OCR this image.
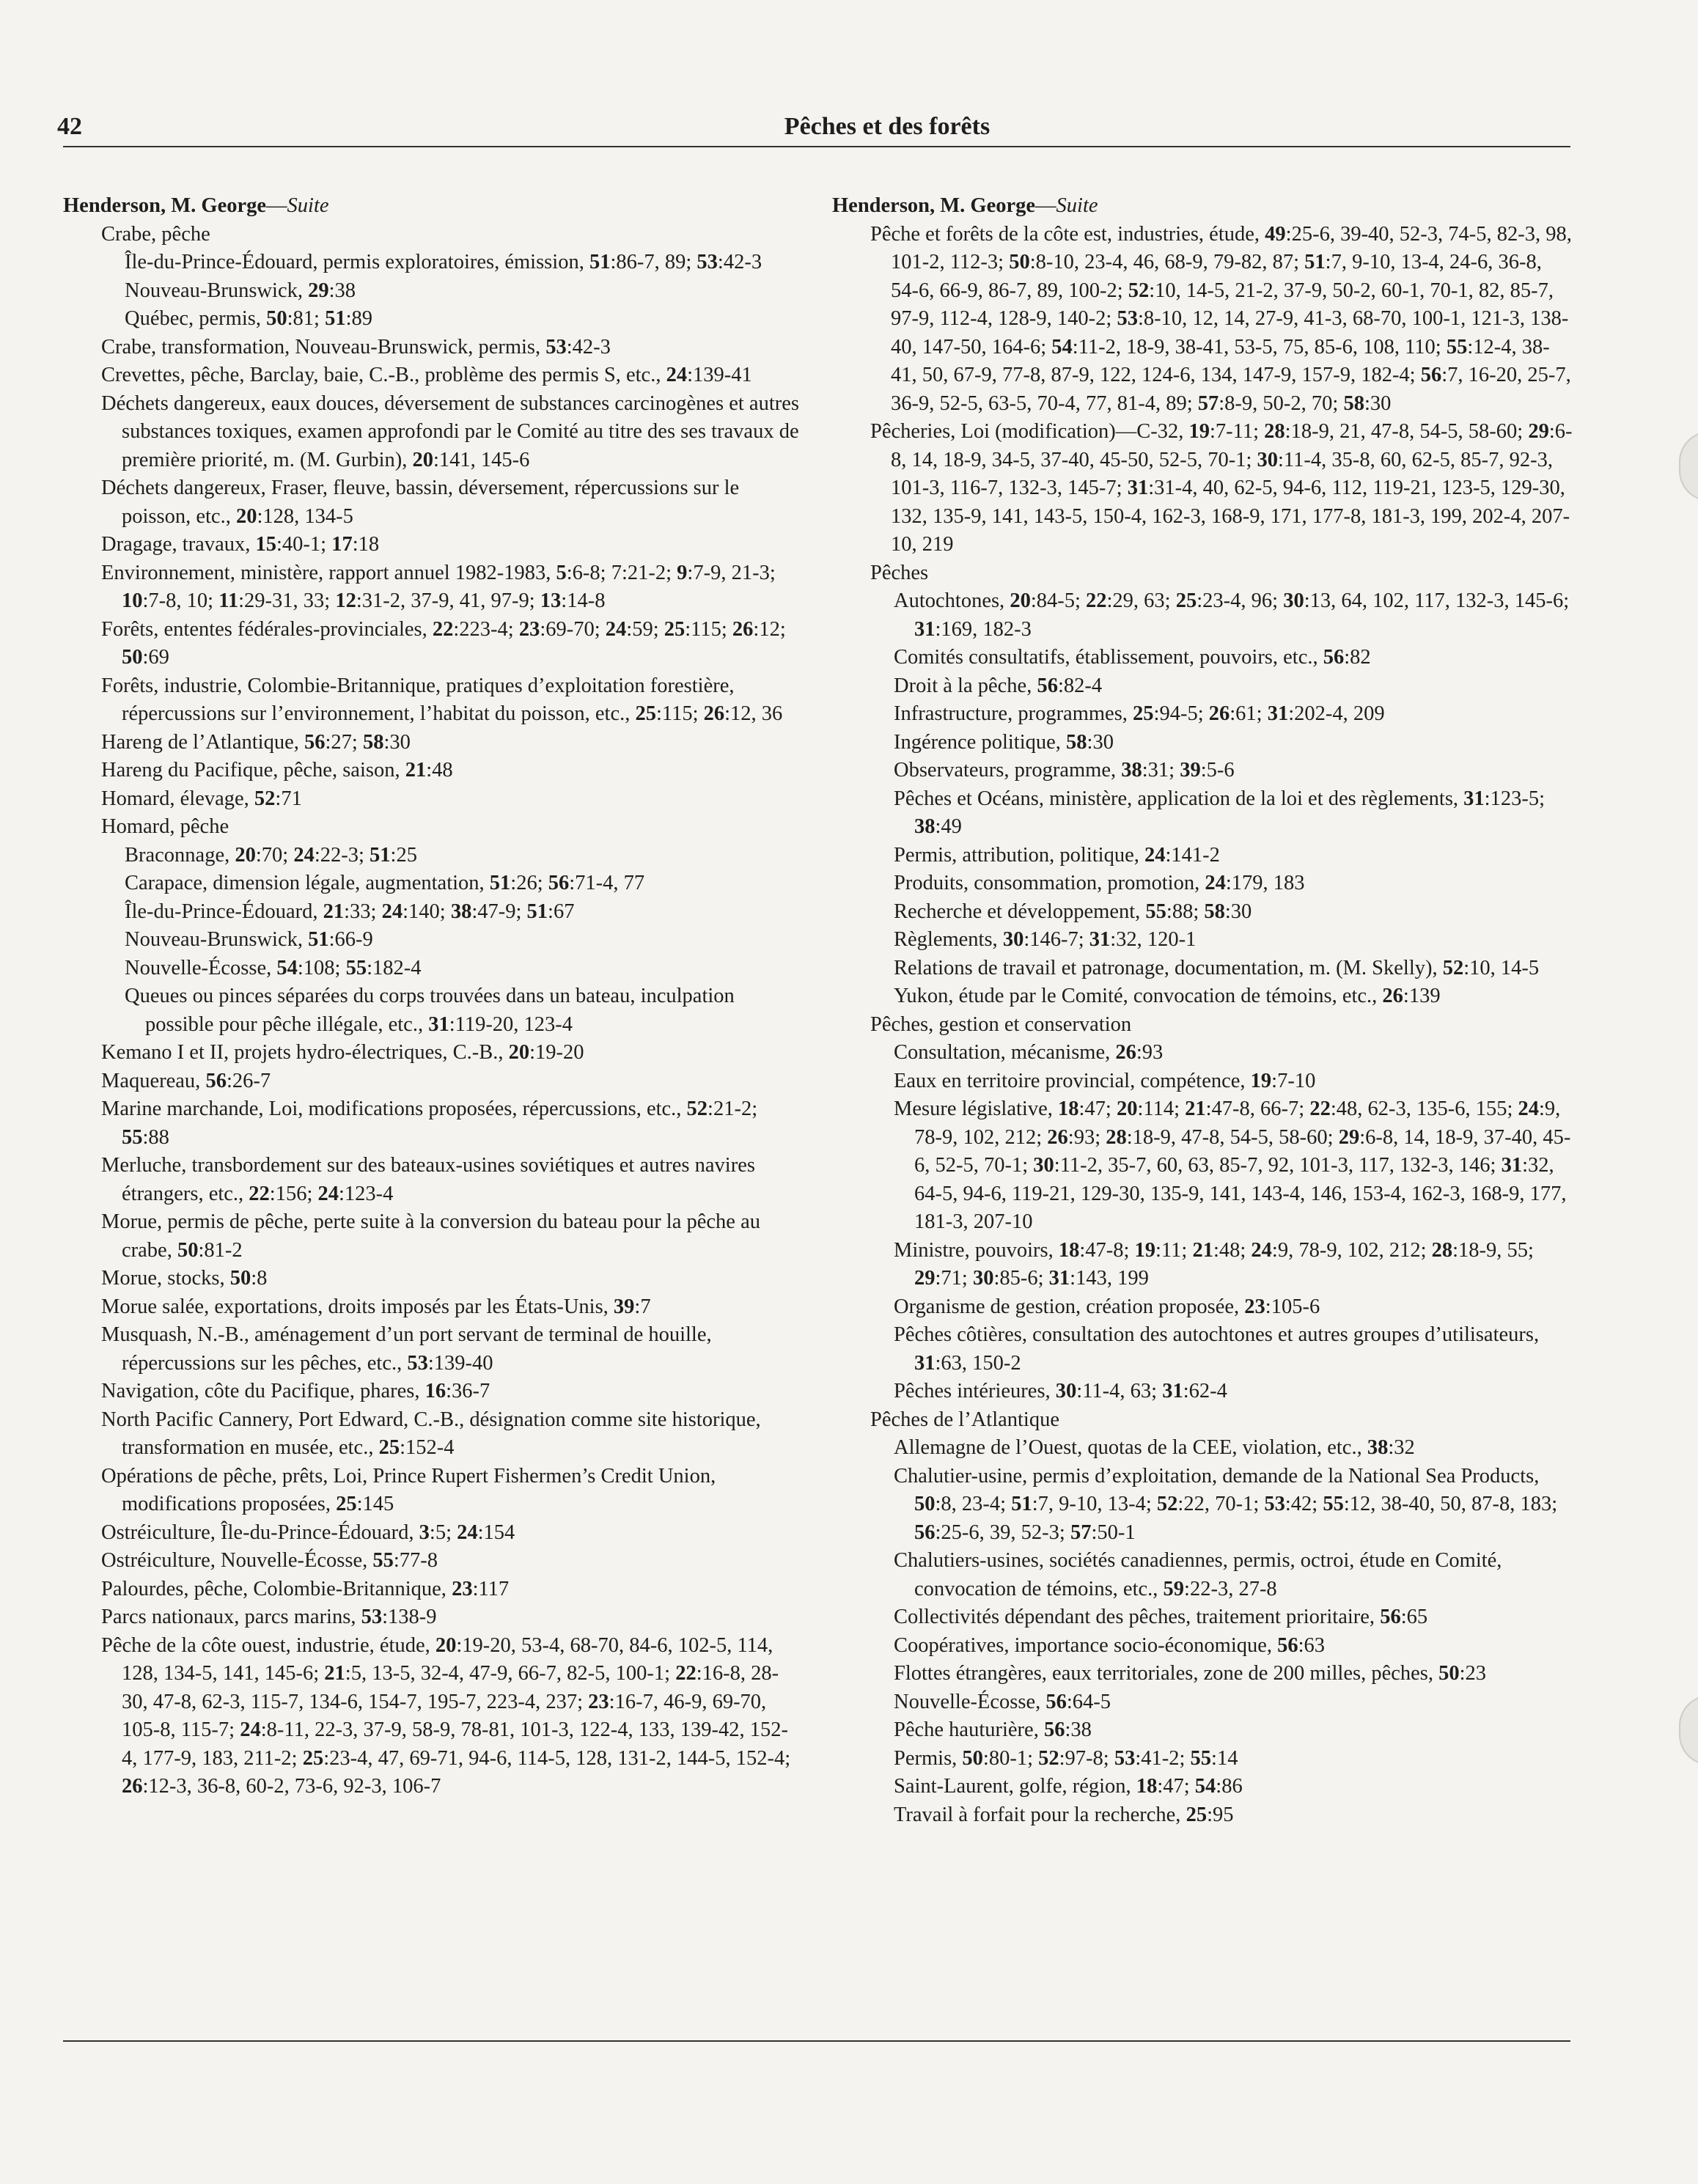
42	Pêches et des forêts

Henderson, M. George—Suite

Crabe, pêche

Île-du-Prince-Édouard, permis exploratoires, émission, 51:86-7, 89; 53:42-3

Nouveau-Brunswick, 29:38

Québec, permis, 50:81; 51:89

Crabe, transformation, Nouveau-Brunswick, permis, 53:42-3

Crevettes, pêche, Barclay, baie, C.-B., problème des permis S, etc., 24:139-41

Déchets dangereux, eaux douces, déversement de substances carcinogènes et autres substances toxiques, examen approfondi par le Comité au titre des ses travaux de première priorité, m. (M. Gurbin), 20:141, 145-6

Déchets dangereux, Fraser, fleuve, bassin, déversement, répercussions sur le poisson, etc., 20:128, 134-5

Dragage, travaux, 15:40-1; 17:18

Environnement, ministère, rapport annuel 1982-1983, 5:6-8; 7:21-2; 9:7-9, 21-3; 10:7-8, 10; 11:29-31, 33; 12:31-2, 37-9, 41, 97-9; 13:14-8

Forêts, ententes fédérales-provinciales, 22:223-4; 23:69-70; 24:59; 25:115; 26:12; 50:69

Forêts, industrie, Colombie-Britannique, pratiques d’exploitation forestière, répercussions sur l’environnement, l’habitat du poisson, etc., 25:115; 26:12, 36

Hareng de l’Atlantique, 56:27; 58:30

Hareng du Pacifique, pêche, saison, 21:48

Homard, élevage, 52:71

Homard, pêche

Braconnage, 20:70; 24:22-3; 51:25

Carapace, dimension légale, augmentation, 51:26; 56:71-4, 77

Île-du-Prince-Édouard, 21:33; 24:140; 38:47-9; 51:67

Nouveau-Brunswick, 51:66-9

Nouvelle-Écosse, 54:108; 55:182-4

Queues ou pinces séparées du corps trouvées dans un bateau, inculpation possible pour pêche illégale, etc., 31:119-20, 123-4

Kemano I et II, projets hydro-électriques, C.-B., 20:19-20

Maquereau, 56:26-7

Marine marchande, Loi, modifications proposées, répercussions, etc., 52:21-2; 55:88

Merluche, transbordement sur des bateaux-usines soviétiques et autres navires étrangers, etc., 22:156; 24:123-4

Morue, permis de pêche, perte suite à la conversion du bateau pour la pêche au crabe, 50:81-2

Morue, stocks, 50:8

Morue salée, exportations, droits imposés par les États-Unis, 39:7

Musquash, N.-B., aménagement d’un port servant de terminal de houille, répercussions sur les pêches, etc., 53:139-40

Navigation, côte du Pacifique, phares, 16:36-7

North Pacific Cannery, Port Edward, C.-B., désignation comme site historique, transformation en musée, etc., 25:152-4

Opérations de pêche, prêts, Loi, Prince Rupert Fishermen’s Credit Union, modifications proposées, 25:145

Ostréiculture, Île-du-Prince-Édouard, 3:5; 24:154

Ostréiculture, Nouvelle-Écosse, 55:77-8

Palourdes, pêche, Colombie-Britannique, 23:117

Parcs nationaux, parcs marins, 53:138-9

Pêche de la côte ouest, industrie, étude, 20:19-20, 53-4, 68-70, 84-6, 102-5, 114, 128, 134-5, 141, 145-6; 21:5, 13-5, 32-4, 47-9, 66-7, 82-5, 100-1; 22:16-8, 28-30, 47-8, 62-3, 115-7, 134-6, 154-7, 195-7, 223-4, 237; 23:16-7, 46-9, 69-70, 105-8, 115-7; 24:8-11, 22-3, 37-9, 58-9, 78-81, 101-3, 122-4, 133, 139-42, 152-4, 177-9, 183, 211-2; 25:23-4, 47, 69-71, 94-6, 114-5, 128, 131-2, 144-5, 152-4; 26:12-3, 36-8, 60-2, 73-6, 92-3, 106-7

Henderson, M. George—Suite

Pêche et forêts de la côte est, industries, étude, 49:25-6, 39-40, 52-3, 74-5, 82-3, 98, 101-2, 112-3; 50:8-10, 23-4, 46, 68-9, 79-82, 87; 51:7, 9-10, 13-4, 24-6, 36-8, 54-6, 66-9, 86-7, 89, 100-2; 52:10, 14-5, 21-2, 37-9, 50-2, 60-1, 70-1, 82, 85-7, 97-9, 112-4, 128-9, 140-2; 53:8-10, 12, 14, 27-9, 41-3, 68-70, 100-1, 121-3, 138-40, 147-50, 164-6; 54:11-2, 18-9, 38-41, 53-5, 75, 85-6, 108, 110; 55:12-4, 38-41, 50, 67-9, 77-8, 87-9, 122, 124-6, 134, 147-9, 157-9, 182-4; 56:7, 16-20, 25-7, 36-9, 52-5, 63-5, 70-4, 77, 81-4, 89; 57:8-9, 50-2, 70; 58:30

Pêcheries, Loi (modification)—C-32, 19:7-11; 28:18-9, 21, 47-8, 54-5, 58-60; 29:6-8, 14, 18-9, 34-5, 37-40, 45-50, 52-5, 70-1; 30:11-4, 35-8, 60, 62-5, 85-7, 92-3, 101-3, 116-7, 132-3, 145-7; 31:31-4, 40, 62-5, 94-6, 112, 119-21, 123-5, 129-30, 132, 135-9, 141, 143-5, 150-4, 162-3, 168-9, 171, 177-8, 181-3, 199, 202-4, 207-10, 219

Pêches

Autochtones, 20:84-5; 22:29, 63; 25:23-4, 96; 30:13, 64, 102, 117, 132-3, 145-6; 31:169, 182-3

Comités consultatifs, établissement, pouvoirs, etc., 56:82

Droit à la pêche, 56:82-4

Infrastructure, programmes, 25:94-5; 26:61; 31:202-4, 209

Ingérence politique, 58:30

Observateurs, programme, 38:31; 39:5-6

Pêches et Océans, ministère, application de la loi et des règlements, 31:123-5; 38:49

Permis, attribution, politique, 24:141-2

Produits, consommation, promotion, 24:179, 183

Recherche et développement, 55:88; 58:30

Règlements, 30:146-7; 31:32, 120-1

Relations de travail et patronage, documentation, m. (M. Skelly), 52:10, 14-5

Yukon, étude par le Comité, convocation de témoins, etc., 26:139

Pêches, gestion et conservation

Consultation, mécanisme, 26:93

Eaux en territoire provincial, compétence, 19:7-10

Mesure législative, 18:47; 20:114; 21:47-8, 66-7; 22:48, 62-3, 135-6, 155; 24:9, 78-9, 102, 212; 26:93; 28:18-9, 47-8, 54-5, 58-60; 29:6-8, 14, 18-9, 37-40, 45-6, 52-5, 70-1; 30:11-2, 35-7, 60, 63, 85-7, 92, 101-3, 117, 132-3, 146; 31:32, 64-5, 94-6, 119-21, 129-30, 135-9, 141, 143-4, 146, 153-4, 162-3, 168-9, 177, 181-3, 207-10

Ministre, pouvoirs, 18:47-8; 19:11; 21:48; 24:9, 78-9, 102, 212; 28:18-9, 55; 29:71; 30:85-6; 31:143, 199

Organisme de gestion, création proposée, 23:105-6

Pêches côtières, consultation des autochtones et autres groupes d’utilisateurs, 31:63, 150-2

Pêches intérieures, 30:11-4, 63; 31:62-4

Pêches de l’Atlantique

Allemagne de l’Ouest, quotas de la CEE, violation, etc., 38:32

Chalutier-usine, permis d’exploitation, demande de la National Sea Products, 50:8, 23-4; 51:7, 9-10, 13-4; 52:22, 70-1; 53:42; 55:12, 38-40, 50, 87-8, 183; 56:25-6, 39, 52-3; 57:50-1

Chalutiers-usines, sociétés canadiennes, permis, octroi, étude en Comité, convocation de témoins, etc., 59:22-3, 27-8

Collectivités dépendant des pêches, traitement prioritaire, 56:65

Coopératives, importance socio-économique, 56:63

Flottes étrangères, eaux territoriales, zone de 200 milles, pêches, 50:23

Nouvelle-Écosse, 56:64-5

Pêche hauturière, 56:38

Permis, 50:80-1; 52:97-8; 53:41-2; 55:14

Saint-Laurent, golfe, région, 18:47; 54:86

Travail à forfait pour la recherche, 25:95
